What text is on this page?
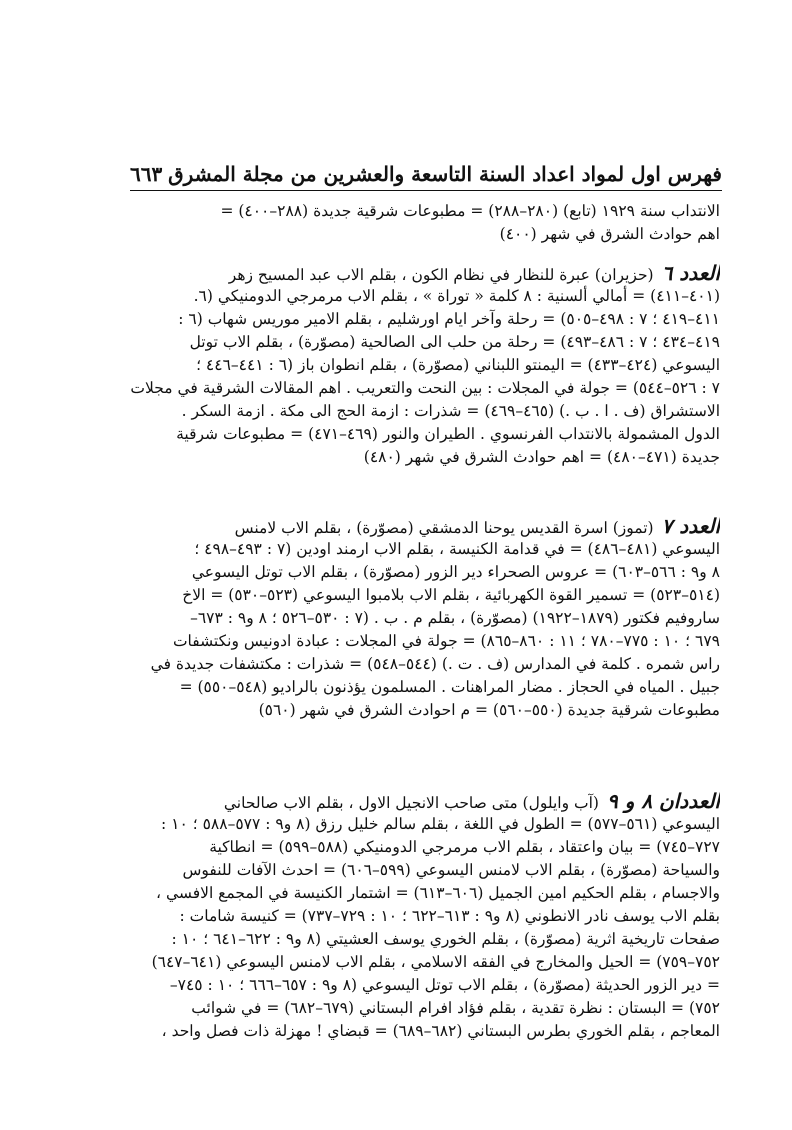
فهرس اول لمواد اعداد السنة التاسعة والعشرين من مجلة المشرق
٦٦٣
الانتداب سنة ١٩٢٩ (تابع) (٢٨٠–٢٨٨) = مطبوعات شرقية جديدة (٢٨٨–٤٠٠) =
اهم حوادث الشرق في شهر (٤٠٠)
العدد ٦(حزيران) عبرة للنظار في نظام الكون ، بقلم الاب عبد المسيح زهر
(٤٠١–٤١١) = أمالي ألسنية : ٨ كلمة « توراة » ، بقلم الاب مرمرجي الدومنيكي (٦.
٤١١–٤١٩ ؛ ٧ : ٤٩٨–٥٠٥) = رحلة وآخر ايام اورشليم ، بقلم الامير موريس شهاب (٦ :
٤١٩–٤٣٤ ؛ ٧ : ٤٨٦–٤٩٣) = رحلة من حلب الى الصالحية (مصوّرة) ، بقلم الاب توتل
اليسوعي (٤٢٤–٤٣٣) = اليمنتو اللبناني (مصوّرة) ، بقلم انطوان باز (٦ : ٤٤١–٤٤٦ ؛
٧ : ٥٢٦–٥٤٤) = جولة في المجلات : بين النحت والتعريب . اهم المقالات الشرقية في مجلات
الاستشراق (ف . ا . ب .) (٤٦٥–٤٦٩) = شذرات : ازمة الحج الى مكة . ازمة السكر .
الدول المشمولة بالانتداب الفرنسوي . الطيران والنور (٤٦٩–٤٧١) = مطبوعات شرقية
جديدة (٤٧١–٤٨٠) = اهم حوادث الشرق في شهر (٤٨٠)
العدد ٧(تموز) اسرة القديس يوحنا الدمشقي (مصوّرة) ، بقلم الاب لامنس
اليسوعي (٤٨١–٤٨٦) = في قدامة الكنيسة ، بقلم الاب ارمند اودين (٧ : ٤٩٣–٤٩٨ ؛
٨ و٩ : ٥٦٦–٦٠٣) = عروس الصحراء دير الزور (مصوّرة) ، بقلم الاب توتل اليسوعي
(٥١٤–٥٢٣) = تسمير القوة الكهربائية ، بقلم الاب بلامبوا اليسوعي (٥٢٣–٥٣٠) = الاخ
ساروفيم فكتور (١٨٧٩–١٩٢٢) (مصوّرة) ، بقلم م . ب . (٧ : ٥٣٠–٥٢٦ ؛ ٨ و٩ : ٦٧٣–
٦٧٩ ؛ ١٠ : ٧٧٥–٧٨٠ ؛ ١١ : ٨٦٠–٨٦٥) = جولة في المجلات : عبادة ادونيس ونكتشفات
راس شمره . كلمة في المدارس (ف . ت .) (٥٤٤–٥٤٨) = شذرات : مكتشفات جديدة في
جبيل . المياه في الحجاز . مضار المراهنات . المسلمون يؤذنون بالراديو (٥٤٨–٥٥٠) =
مطبوعات شرقية جديدة (٥٥٠–٥٦٠) = م احوادث الشرق في شهر (٥٦٠)
العددان ٨ و ٩(آب وايلول) متى صاحب الانجيل الاول ، بقلم الاب صالحاني
اليسوعي (٥٦١–٥٧٧) = الطول في اللغة ، بقلم سالم خليل رزق (٨ و٩ : ٥٧٧–٥٨٨ ؛ ١٠ :
٧٢٧–٧٤٥) = بيان واعتقاد ، بقلم الاب مرمرجي الدومنيكي (٥٨٨–٥٩٩) = انطاكية
والسياحة (مصوّرة) ، بقلم الاب لامنس اليسوعي (٥٩٩–٦٠٦) = احدث الآفات للنفوس
والاجسام ، بقلم الحكيم امين الجميل (٦٠٦–٦١٣) = اشتمار الكنيسة في المجمع الافسي ،
بقلم الاب يوسف نادر الانطوني (٨ و٩ : ٦١٣–٦٢٢ ؛ ١٠ : ٧٢٩–٧٣٧) = كنيسة شامات :
صفحات تاريخية اثرية (مصوّرة) ، بقلم الخوري يوسف العشيتي (٨ و٩ : ٦٢٢–٦٤١ ؛ ١٠ :
٧٥٢–٧٥٩) = الحيل والمخارج في الفقه الاسلامي ، بقلم الاب لامنس اليسوعي (٦٤١–٦٤٧)
= دير الزور الحديثة (مصوّرة) ، بقلم الاب توتل اليسوعي (٨ و٩ : ٦٥٧–٦٦٦ ؛ ١٠ : ٧٤٥–
٧٥٢) = البستان : نظرة تقدية ، بقلم فؤاد افرام البستاني (٦٧٩–٦٨٢) = في شوائب
المعاجم ، بقلم الخوري بطرس البستاني (٦٨٢–٦٨٩) = قبضاي ! مهزلة ذات فصل واحد ،
